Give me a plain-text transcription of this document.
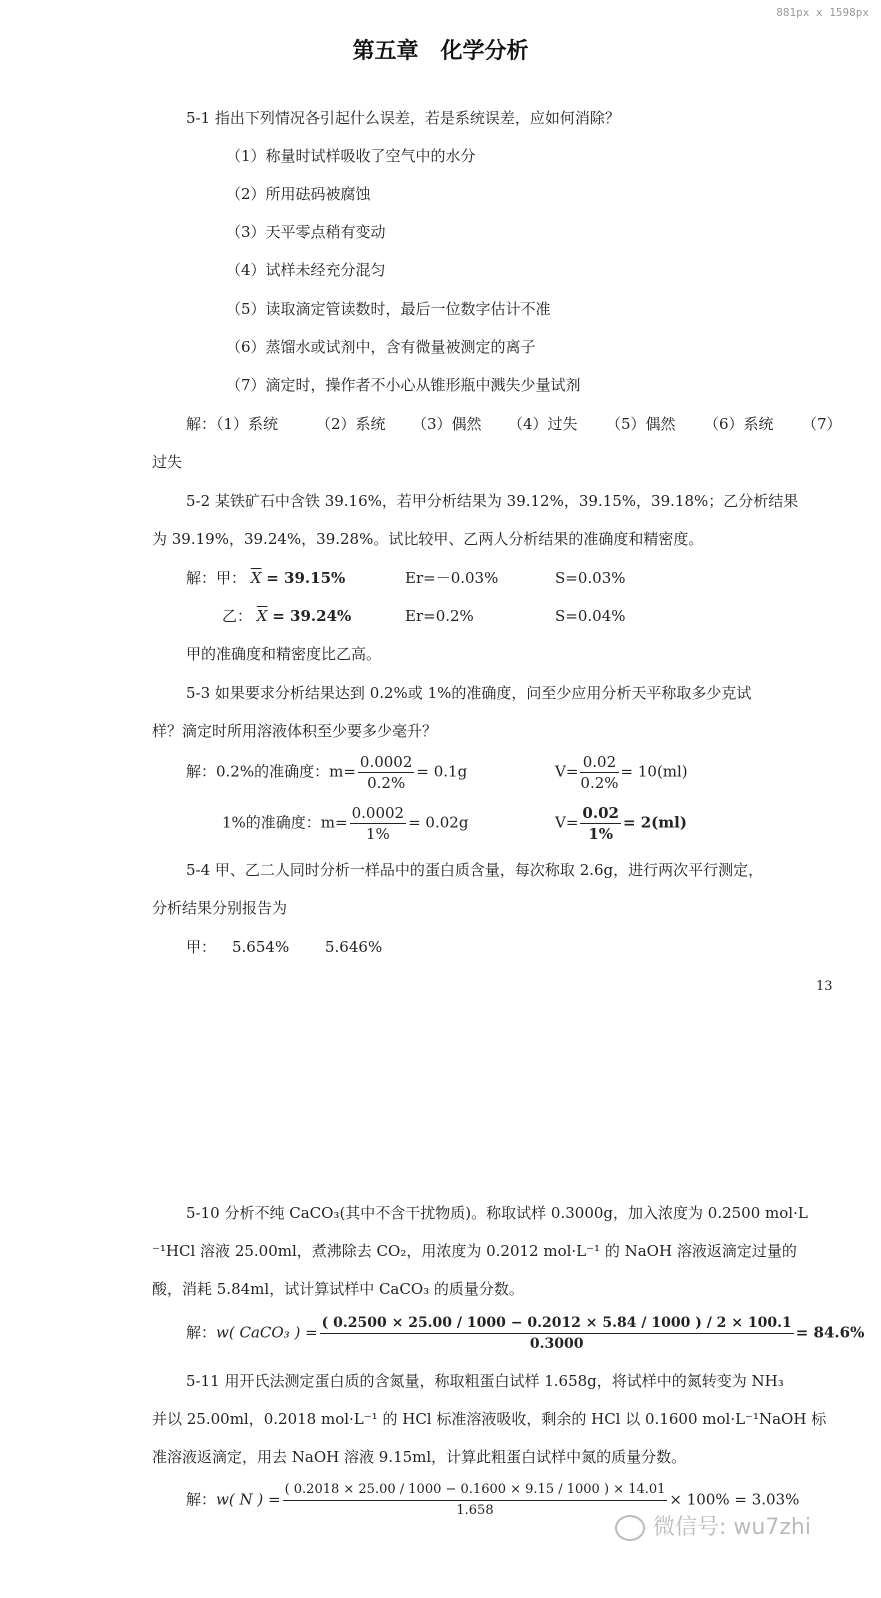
881px x 1598px
第五章　化学分析
5-1 指出下列情况各引起什么误差，若是系统误差，应如何消除？
（1）称量时试样吸收了空气中的水分
（2）所用砝码被腐蚀
（3）天平零点稍有变动
（4）试样未经充分混匀
（5）读取滴定管读数时，最后一位数字估计不准
（6）蒸馏水或试剂中，含有微量被测定的离子
（7）滴定时，操作者不小心从锥形瓶中溅失少量试剂
解：（1）系统	（2）系统 （3）偶然 （4）过失 （5）偶然 （6）系统 （7）
过失
5-2 某铁矿石中含铁 39.16%，若甲分析结果为 39.12%，39.15%，39.18%；乙分析结果
为 39.19%，39.24%，39.28%。试比较甲、乙两人分析结果的准确度和精密度。
解：甲： $\overline{X} = 39.15\%$	Er=－0.03%	S=0.03%
乙： $\overline{X} = 39.24\%$	Er=0.2%	S=0.04%
甲的准确度和精密度比乙高。
5-3 如果要求分析结果达到 0.2%或 1%的准确度，问至少应用分析天平称取多少克试
样？滴定时所用溶液体积至少要多少毫升？
解：0.2%的准确度：$m= \frac{0.0002}{0.2\%} = 0.1g$	$V= \frac{0.02}{0.2\%} = 10(ml)$
1%的准确度：$m= \frac{0.0002}{1\%} = 0.02g$	$V= \frac{0.02}{1\%} = 2(ml)$
5-4 甲、乙二人同时分析一样品中的蛋白质含量，每次称取 2.6g，进行两次平行测定，
分析结果分别报告为
甲： 5.654% 5.646%
13
5-10 分析不纯 CaCO₃(其中不含干扰物质)。称取试样 0.3000g，加入浓度为 0.2500 mol·L
⁻¹HCl 溶液 25.00ml，煮沸除去 CO₂，用浓度为 0.2012 mol·L⁻¹ 的 NaOH 溶液返滴定过量的
酸，消耗 5.84ml，试计算试样中 CaCO₃ 的质量分数。
解：w( CaCO₃ ) = $\frac{( 0.2500 \times 25.00 / 1000 - 0.2012 \times 5.84 / 1000 ) / 2 \times 100.1}{0.3000} = 84.6\%$
5-11 用开氏法测定蛋白质的含氮量，称取粗蛋白试样 1.658g，将试样中的氮转变为 NH₃
并以 25.00ml，0.2018 mol·L⁻¹ 的 HCl 标准溶液吸收，剩余的 HCl 以 0.1600 mol·L⁻¹NaOH 标
准溶液返滴定，用去 NaOH 溶液 9.15ml，计算此粗蛋白试样中氮的质量分数。
解：w( N ) = $\frac{( 0.2018 \times 25.00 / 1000 - 0.1600 \times 9.15 / 1000 ) \times 14.01}{1.658} \times 100\% = 3.03\%$
微信号: wu7zhi
